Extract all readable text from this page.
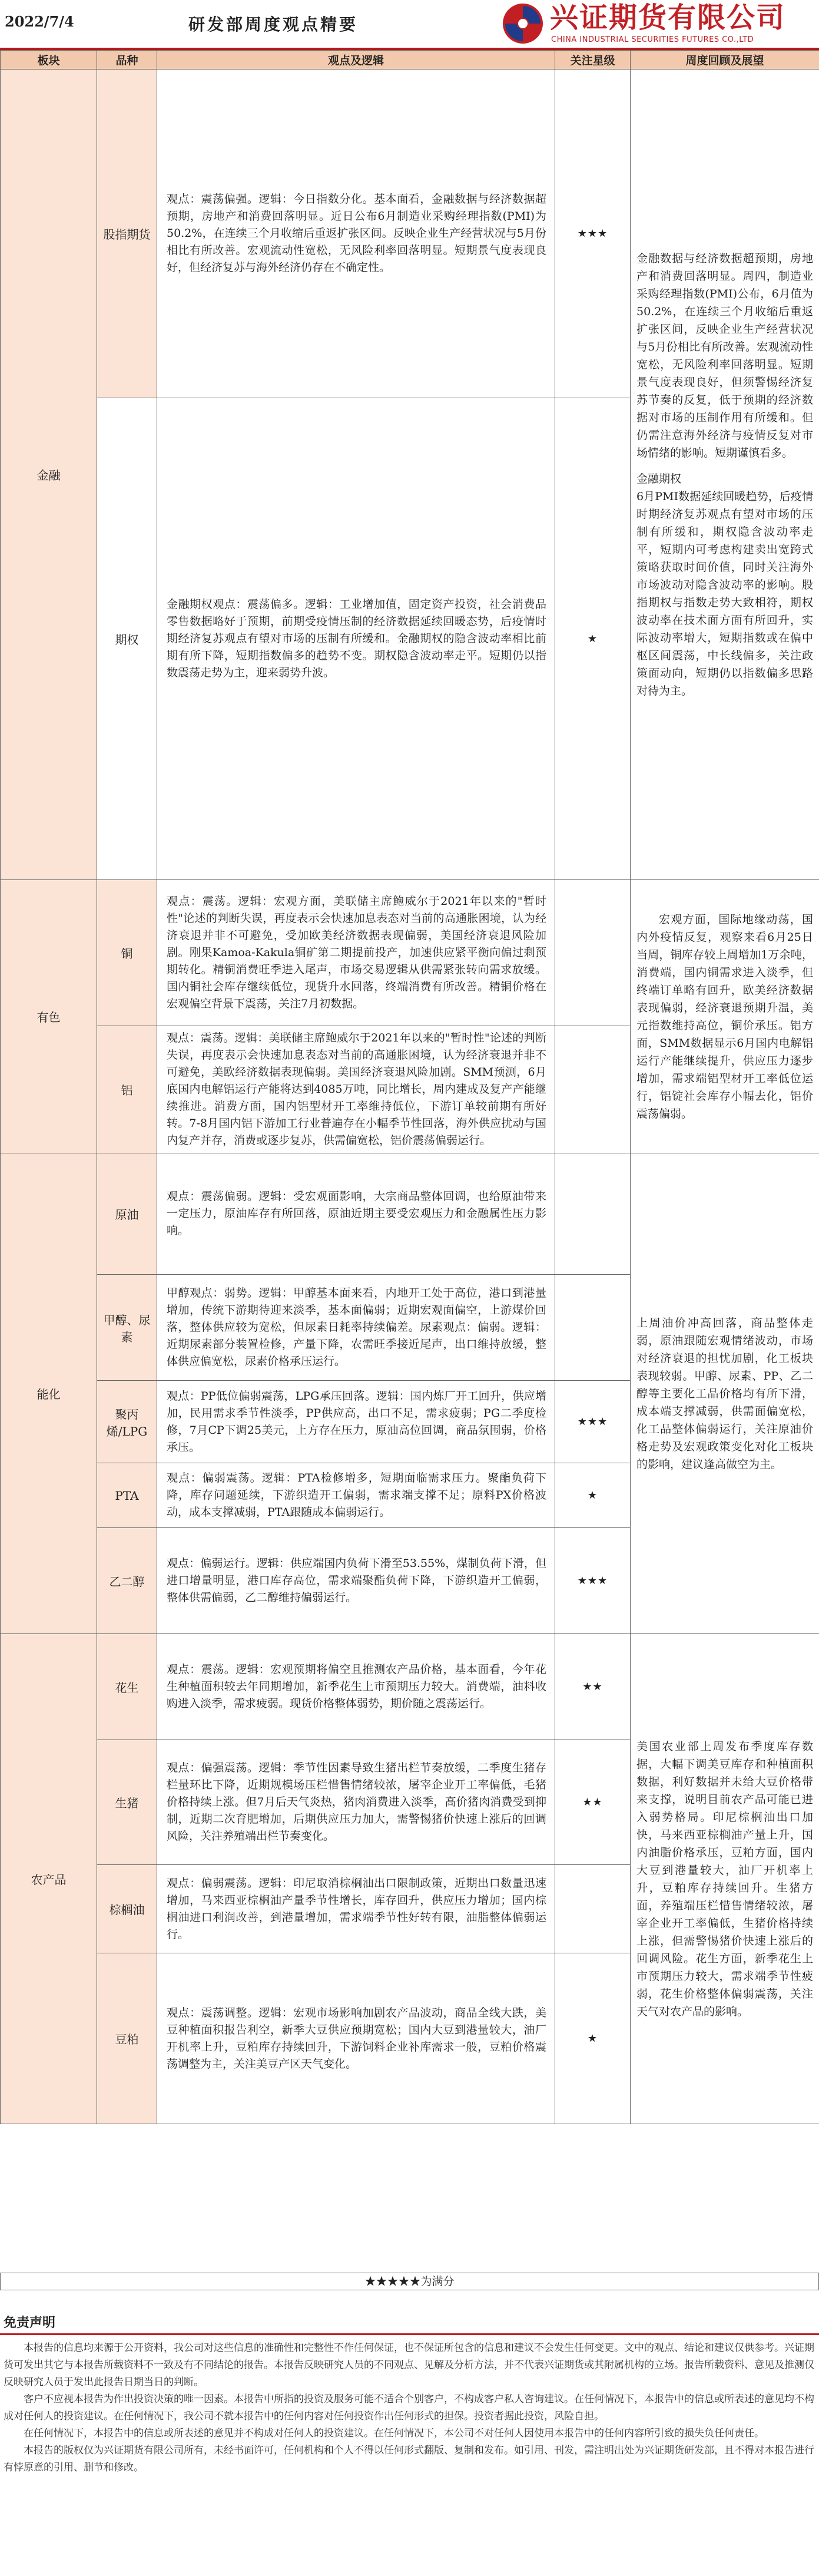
2022/7/4	研发部周度观点精要	兴证期货有限公司
CHINA INDUSTRIAL SECURITIES FUTURES CO.,LTD
板块	品种	观点及逻辑	关注星级	周度回顾及展望
金融	股指期货	观点：震荡偏强。逻辑：今日指数分化。基本面看，金融数据与经济数据超预期，房地产和消费回落明显。近日公布6月制造业采购经理指数(PMI)为50.2%，在连续三个月收缩后重返扩张区间。反映企业生产经营状况与5月份相比有所改善。宏观流动性宽松，无风险利率回落明显。短期景气度表现良好，但经济复苏与海外经济仍存在不确定性。	★★★	金融数据与经济数据超预期，房地产和消费回落明显。周四，制造业采购经理指数(PMI)公布，6月值为50.2%，在连续三个月收缩后重返扩张区间，反映企业生产经营状况与5月份相比有所改善。宏观流动性宽松，无风险利率回落明显。短期景气度表现良好，但须警惕经济复苏节奏的反复，低于预期的经济数据对市场的压制作用有所缓和。但仍需注意海外经济与疫情反复对市场情绪的影响。短期谨慎看多。

金融期权

6月PMI数据延续回暖趋势，后疫情时期经济复苏观点有望对市场的压制有所缓和，期权隐含波动率走平，短期内可考虑构建卖出宽跨式策略获取时间价值，同时关注海外市场波动对隐含波动率的影响。股指期权与指数走势大致相符，期权波动率在技术面方面有所回升，实际波动率增大，短期指数或在偏中枢区间震荡，中长线偏多，关注政策面动向，短期仍以指数偏多思路对待为主。

	期权	金融期权观点：震荡偏多。逻辑：工业增加值，固定资产投资，社会消费品零售数据略好于预期，前期受疫情压制的经济数据延续回暖态势，后疫情时期经济复苏观点有望对市场的压制有所缓和。金融期权的隐含波动率相比前期有所下降，短期指数偏多的趋势不变。期权隐含波动率走平。短期仍以指数震荡走势为主，迎来弱势升波。	★	
有色	铜	观点：震荡。逻辑：宏观方面，美联储主席鲍威尔于2021年以来的"暂时性"论述的判断失误，再度表示会快速加息表态对当前的高通胀困境，认为经济衰退并非不可避免，受加欧美经济数据表现偏弱，美国经济衰退风险加剧。刚果Kamoa-Kakula铜矿第二期提前投产，加速供应紧平衡向偏过剩预期转化。精铜消费旺季进入尾声，市场交易逻辑从供需紧张转向需求放缓。国内铜社会库存继续低位，现货升水回落，终端消费有所改善。精铜价格在宏观偏空背景下震荡，关注7月初数据。		宏观方面，国际地缘动荡，国内外疫情反复，观察来看6月25日当周，铜库存较上周增加1万余吨，消费端，国内铜需求进入淡季，但终端订单略有回升，欧美经济数据表现偏弱，经济衰退预期升温，美元指数维持高位，铜价承压。铝方面，SMM数据显示6月国内电解铝运行产能继续提升，供应压力逐步增加，需求端铝型材开工率低位运行，铝锭社会库存小幅去化，铝价震荡偏弱。

	铝	观点：震荡。逻辑：美联储主席鲍威尔于2021年以来的"暂时性"论述的判断失误，再度表示会快速加息表态对当前的高通胀困境，认为经济衰退并非不可避免，美欧经济数据表现偏弱。美国经济衰退风险加剧。SMM预测，6月底国内电解铝运行产能将达到4085万吨，同比增长，周内建成及复产产能继续推进。消费方面，国内铝型材开工率维持低位，下游订单较前期有所好转。7-8月国内铝下游加工行业普遍存在小幅季节性回落，海外供应扰动与国内复产并存，消费或逐步复苏，供需偏宽松，铝价震荡偏弱运行。		
能化	原油	观点：震荡偏弱。逻辑：受宏观面影响，大宗商品整体回调，也给原油带来一定压力，原油库存有所回落，原油近期主要受宏观压力和金融属性压力影响。		上周油价冲高回落，商品整体走弱，原油跟随宏观情绪波动，市场对经济衰退的担忧加剧，化工板块表现较弱。甲醇、尿素、PP、乙二醇等主要化工品价格均有所下滑，成本端支撑减弱，供需面偏宽松，化工品整体偏弱运行，关注原油价格走势及宏观政策变化对化工板块的影响，建议逢高做空为主。

	甲醇、尿素	甲醇观点：弱势。逻辑：甲醇基本面来看，内地开工处于高位，港口到港量增加，传统下游期待迎来淡季，基本面偏弱；近期宏观面偏空，上游煤价回落，整体供应较为宽松，但尿素日耗率持续偏差。尿素观点：偏弱。逻辑：近期尿素部分装置检修，产量下降，农需旺季接近尾声，出口维持放缓，整体供应偏宽松，尿素价格承压运行。		
	聚丙烯/LPG	观点：PP低位偏弱震荡，LPG承压回落。逻辑：国内炼厂开工回升，供应增加，民用需求季节性淡季，PP供应高，出口不足，需求疲弱；PG二季度检修，7月CP下调25美元，上方存在压力，原油高位回调，商品氛围弱，价格承压。	★★★	
	PTA	观点：偏弱震荡。逻辑：PTA检修增多，短期面临需求压力。聚酯负荷下降，库存问题延续，下游织造开工偏弱，需求端支撑不足；原料PX价格波动，成本支撑减弱，PTA跟随成本偏弱运行。	★	
	乙二醇	观点：偏弱运行。逻辑：供应端国内负荷下滑至53.55%，煤制负荷下滑，但进口增量明显，港口库存高位，需求端聚酯负荷下降，下游织造开工偏弱，整体供需偏弱，乙二醇维持偏弱运行。	★★★	
农产品	花生	观点：震荡。逻辑：宏观预期将偏空且推测农产品价格，基本面看，今年花生种植面积较去年同期增加，新季花生上市预期压力较大。消费端，油料收购进入淡季，需求疲弱。现货价格整体弱势，期价随之震荡运行。	★★	美国农业部上周发布季度库存数据，大幅下调美豆库存和种植面积数据，利好数据并未给大豆价格带来支撑，说明目前农产品可能已进入弱势格局。印尼棕榈油出口加快，马来西亚棕榈油产量上升，国内油脂价格承压，豆粕方面，国内大豆到港量较大，油厂开机率上升，豆粕库存持续回升。生猪方面，养殖端压栏惜售情绪较浓，屠宰企业开工率偏低，生猪价格持续上涨，但需警惕猪价快速上涨后的回调风险。花生方面，新季花生上市预期压力较大，需求端季节性疲弱，花生价格整体偏弱震荡，关注天气对农产品的影响。

	生猪	观点：偏强震荡。逻辑：季节性因素导致生猪出栏节奏放缓，二季度生猪存栏量环比下降，近期规模场压栏惜售情绪较浓，屠宰企业开工率偏低，毛猪价格持续上涨。但7月后天气炎热，猪肉消费进入淡季，高价猪肉消费受到抑制，近期二次育肥增加，后期供应压力加大，需警惕猪价快速上涨后的回调风险，关注养殖端出栏节奏变化。	★★	
	棕榈油	观点：偏弱震荡。逻辑：印尼取消棕榈油出口限制政策，近期出口数量迅速增加，马来西亚棕榈油产量季节性增长，库存回升，供应压力增加；国内棕榈油进口利润改善，到港量增加，需求端季节性好转有限，油脂整体偏弱运行。		
	豆粕	观点：震荡调整。逻辑：宏观市场影响加剧农产品波动，商品全线大跌，美豆种植面积报告利空，新季大豆供应预期宽松；国内大豆到港量较大，油厂开机率上升，豆粕库存持续回升，下游饲料企业补库需求一般，豆粕价格震荡调整为主，关注美豆产区天气变化。	★	
★★★★★为满分
免责声明

本报告的信息均来源于公开资料，我公司对这些信息的准确性和完整性不作任何保证，也不保证所包含的信息和建议不会发生任何变更。文中的观点、结论和建议仅供参考。兴证期货可发出其它与本报告所载资料不一致及有不同结论的报告。本报告反映研究人员的不同观点、见解及分析方法，并不代表兴证期货或其附属机构的立场。报告所载资料、意见及推测仅反映研究人员于发出此报告日期当日的判断。

客户不应视本报告为作出投资决策的唯一因素。本报告中所指的投资及服务可能不适合个别客户，不构成客户私人咨询建议。在任何情况下，本报告中的信息或所表述的意见均不构成对任何人的投资建议。在任何情况下，我公司不就本报告中的任何内容对任何投资作出任何形式的担保。投资者据此投资，风险自担。

在任何情况下，本报告中的信息或所表述的意见并不构成对任何人的投资建议。在任何情况下，本公司不对任何人因使用本报告中的任何内容所引致的损失负任何责任。

本报告的版权仅为兴证期货有限公司所有，未经书面许可，任何机构和个人不得以任何形式翻版、复制和发布。如引用、刊发，需注明出处为兴证期货研发部，且不得对本报告进行有悖原意的引用、删节和修改。
